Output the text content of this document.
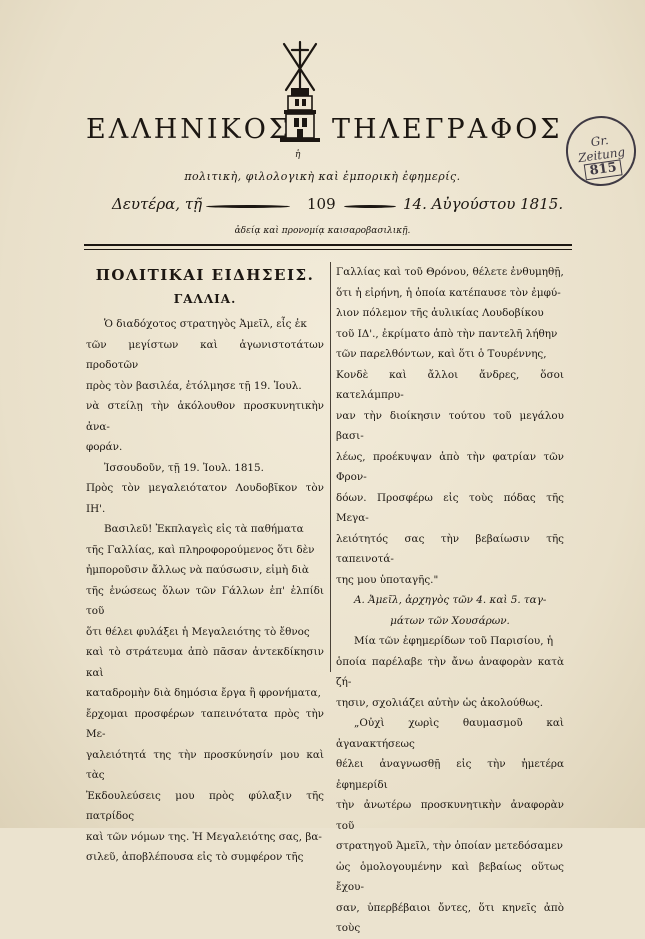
ΕΛΛΗΝΙΚΟΣ ΤΗΛΕΓΡΑΦΟΣ
ἡ
πολιτικὴ, φιλολογικὴ καὶ ἐμπορικὴ ἐφημερίς.
Δευτέρα, τῇ	109	14. Αὐγούστου 1815.
ἀδείᾳ καὶ προνομίᾳ καισαροβασιλικῇ.
Gr. Zeitung
815
ΠΟΛΙΤΙΚΑΙ ΕΙΔΗΣΕΙΣ.
ΓΑΛΛΙΑ.

Ὁ διαδόχοτος στρατηγὸς Ἀμεῖλ, εἷς ἐκ

τῶν μεγίστων καὶ ἀγωνιστοτάτων προδοτῶν

πρὸς τὸν βασιλέα, ἐτόλμησε τῇ 19. Ἰουλ.

νὰ στείλῃ τὴν ἀκόλουθον προσκυνητικὴν ἀνα-

φοράν.

Ἰσσουδοῦν, τῇ 19. Ἰουλ. 1815.

Πρὸς τὸν μεγαλειότατον Λουδοβῖκον τὸν ΙΗ'.

Βασιλεῦ! Ἐκπλαγεὶς εἰς τὰ παθήματα

τῆς Γαλλίας, καὶ πληροφορούμενος ὅτι δὲν

ἠμποροῦσιν ἄλλως νὰ παύσωσιν, εἰμὴ διὰ

τῆς ἑνώσεως ὅλων τῶν Γάλλων ἐπ' ἐλπίδι τοῦ

ὅτι θέλει φυλάξει ἡ Μεγαλειότης τὸ ἔθνος

καὶ τὸ στράτευμα ἀπὸ πᾶσαν ἀντεκδίκησιν καὶ

καταδρομὴν διὰ δημόσια ἔργα ἢ φρονήματα,

ἔρχομαι προσφέρων ταπεινότατα πρὸς τὴν Με-

γαλειότητά της τὴν προσκύνησίν μου καὶ τὰς

Ἐκδουλεύσεις μου πρὸς φύλαξιν τῆς πατρίδος

καὶ τῶν νόμων της. Ἡ Μεγαλειότης σας, βα-

σιλεῦ, ἀποβλέπουσα εἰς τὸ συμφέρον τῆς

Γαλλίας καὶ τοῦ Θρόνου, θέλετε ἐνθυμηθῇ,

ὅτι ἡ εἰρήνη, ἡ ὁποία κατέπαυσε τὸν ἐμφύ-

λιον πόλεμον τῆς ἀυλικίας Λουδοβίκου

τοῦ ΙΔ'., ἐκρίματο ἀπὸ τὴν παντελῆ λήθην

τῶν παρελθόντων, καὶ ὅτι ὁ Τουρέννης,

Κονδὲ καὶ ἄλλοι ἄνδρες, ὅσοι κατελάμπρυ-

ναν τὴν διοίκησιν τούτου τοῦ μεγάλου βασι-

λέως, προέκυψαν ἀπὸ τὴν φατρίαν τῶν Φρον-

δόων. Προσφέρω εἰς τοὺς πόδας τῆς Μεγα-

λειότητός σας τὴν βεβαίωσιν τῆς ταπεινοτά-

της μου ὑποταγῆς."

Α. Ἀμεῖλ, ἀρχηγὸς τῶν 4. καὶ 5. ταγ-

μάτων τῶν Χουσάρων.

Μία τῶν ἐφημερίδων τοῦ Παρισίου, ἡ

ὁποία παρέλαβε τὴν ἄνω ἀναφορὰν κατὰ ζή-

τησιν, σχολιάζει αὐτὴν ὡς ἀκολούθως.

„Οὐχὶ χωρὶς θαυμασμοῦ καὶ ἀγανακτήσεως

θέλει ἀναγνωσθῇ εἰς τὴν ἡμετέρα ἐφημερίδι

τὴν ἀνωτέρω προσκυνητικὴν ἀναφορὰν τοῦ

στρατηγοῦ Ἀμεῖλ, τὴν ὁποίαν μετεδόσαμεν

ὡς ὁμολογουμένην καὶ βεβαίως οὕτως ἔχου-

σαν, ὑπερβέβαιοι ὄντες, ὅτι κηνεῖς ἀπὸ τοὺς
